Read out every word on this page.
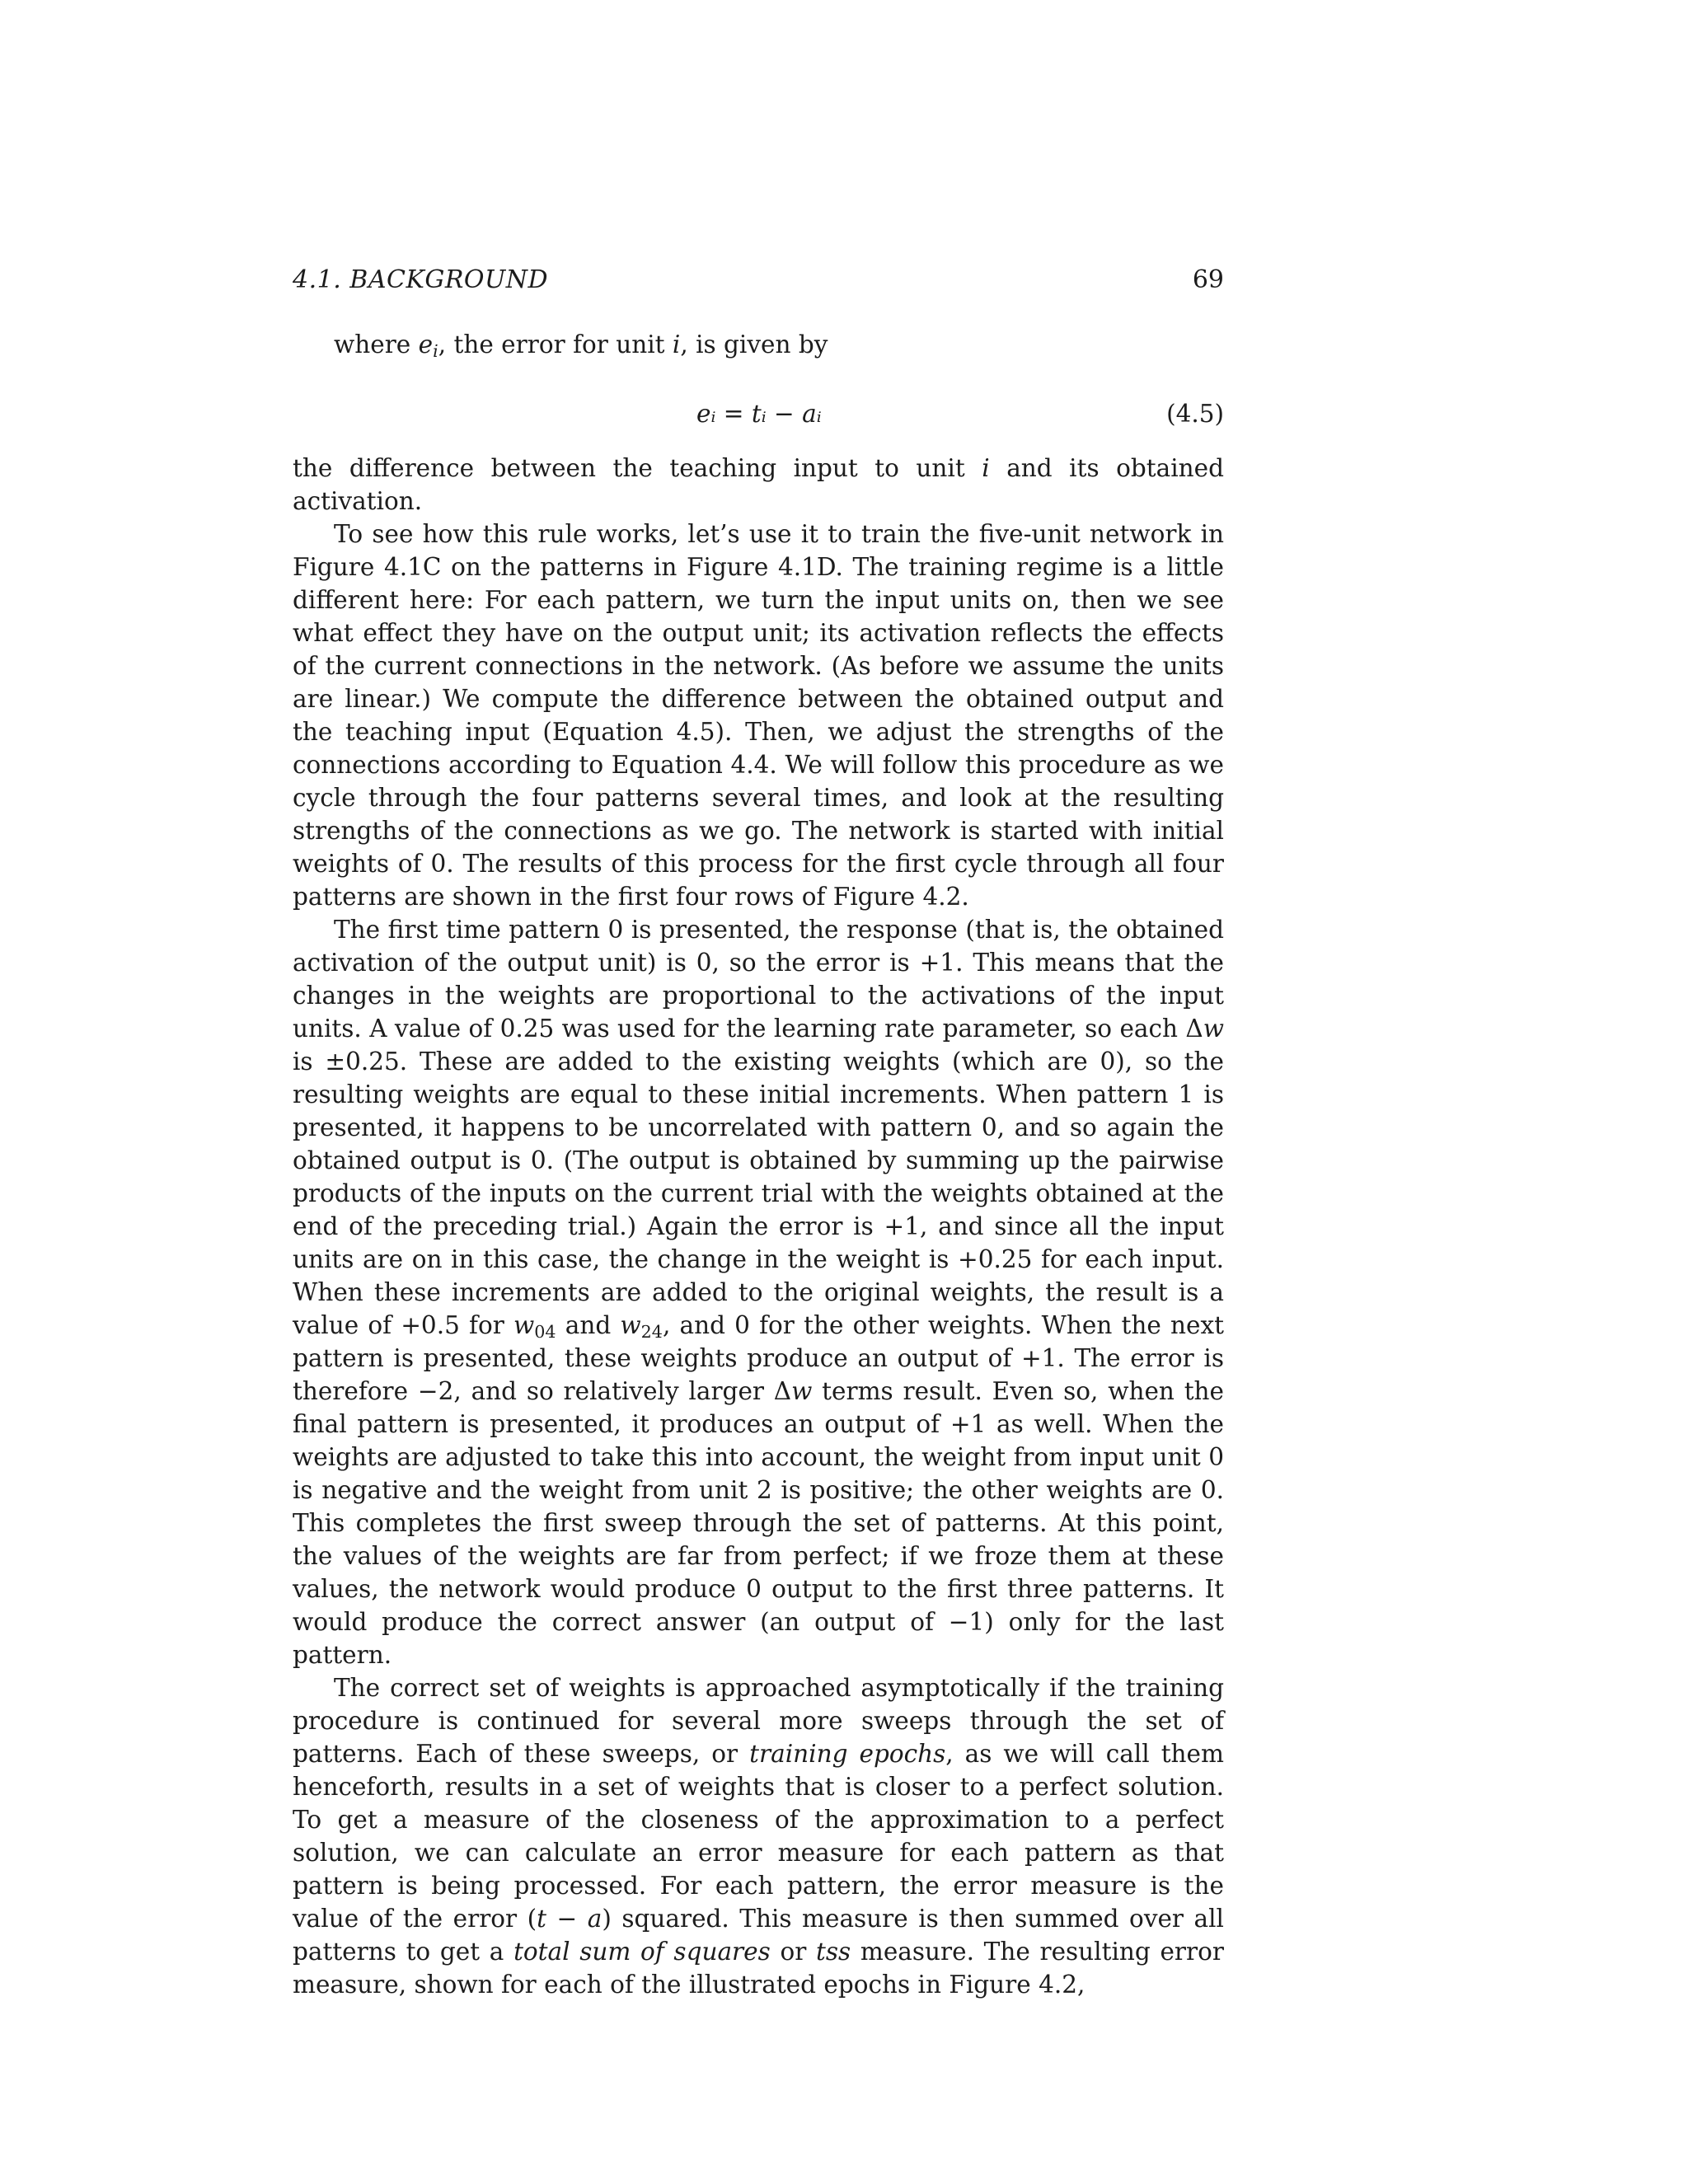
4.1. BACKGROUND	69

where $e_i$, the error for unit i, is given by

eᵢ = tᵢ − aᵢ	(4.5)

the difference between the teaching input to unit i and its obtained activation.

To see how this rule works, let’s use it to train the five-unit network in Figure 4.1C on the patterns in Figure 4.1D. The training regime is a little different here: For each pattern, we turn the input units on, then we see what effect they have on the output unit; its activation reflects the effects of the current connections in the network. (As before we assume the units are linear.) We compute the difference between the obtained output and the teaching input (Equation 4.5). Then, we adjust the strengths of the connections according to Equation 4.4. We will follow this procedure as we cycle through the four patterns several times, and look at the resulting strengths of the connections as we go. The network is started with initial weights of 0. The results of this process for the first cycle through all four patterns are shown in the first four rows of Figure 4.2.

The first time pattern 0 is presented, the response (that is, the obtained activation of the output unit) is 0, so the error is +1. This means that the changes in the weights are proportional to the activations of the input units. A value of 0.25 was used for the learning rate parameter, so each Δw is ±0.25. These are added to the existing weights (which are 0), so the resulting weights are equal to these initial increments. When pattern 1 is presented, it happens to be uncorrelated with pattern 0, and so again the obtained output is 0. (The output is obtained by summing up the pairwise products of the inputs on the current trial with the weights obtained at the end of the preceding trial.) Again the error is +1, and since all the input units are on in this case, the change in the weight is +0.25 for each input. When these increments are added to the original weights, the result is a value of +0.5 for $w_{04}$ and $w_{24}$, and 0 for the other weights. When the next pattern is presented, these weights produce an output of +1. The error is therefore −2, and so relatively larger Δw terms result. Even so, when the final pattern is presented, it produces an output of +1 as well. When the weights are adjusted to take this into account, the weight from input unit 0 is negative and the weight from unit 2 is positive; the other weights are 0. This completes the first sweep through the set of patterns. At this point, the values of the weights are far from perfect; if we froze them at these values, the network would produce 0 output to the first three patterns. It would produce the correct answer (an output of −1) only for the last pattern.

The correct set of weights is approached asymptotically if the training procedure is continued for several more sweeps through the set of patterns. Each of these sweeps, or training epochs, as we will call them henceforth, results in a set of weights that is closer to a perfect solution. To get a measure of the closeness of the approximation to a perfect solution, we can calculate an error measure for each pattern as that pattern is being processed. For each pattern, the error measure is the value of the error (t − a) squared. This measure is then summed over all patterns to get a total sum of squares or tss measure. The resulting error measure, shown for each of the illustrated epochs in Figure 4.2,
